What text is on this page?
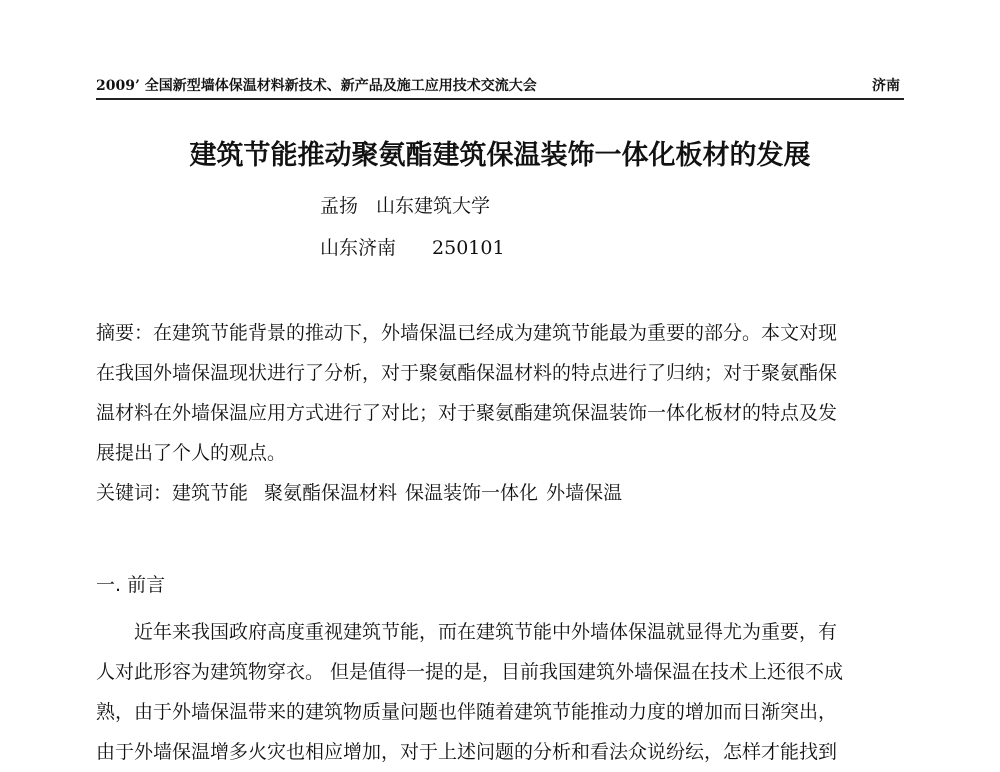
2009’ 全国新型墙体保温材料新技术、新产品及施工应用技术交流大会	济南
建筑节能推动聚氨酯建筑保温装饰一体化板材的发展
孟扬 山东建筑大学
山东济南 250101
摘要：在建筑节能背景的推动下，外墙保温已经成为建筑节能最为重要的部分。本文对现
在我国外墙保温现状进行了分析，对于聚氨酯保温材料的特点进行了归纳；对于聚氨酯保
温材料在外墙保温应用方式进行了对比；对于聚氨酯建筑保温装饰一体化板材的特点及发
展提出了个人的观点。
关键词：建筑节能 聚氨酯保温材料 保温装饰一体化 外墙保温
一. 前言
近年来我国政府高度重视建筑节能，而在建筑节能中外墙体保温就显得尤为重要，有
人对此形容为建筑物穿衣。 但是值得一提的是，目前我国建筑外墙保温在技术上还很不成
熟，由于外墙保温带来的建筑物质量问题也伴随着建筑节能推动力度的增加而日渐突出，
由于外墙保温增多火灾也相应增加，对于上述问题的分析和看法众说纷纭，怎样才能找到
